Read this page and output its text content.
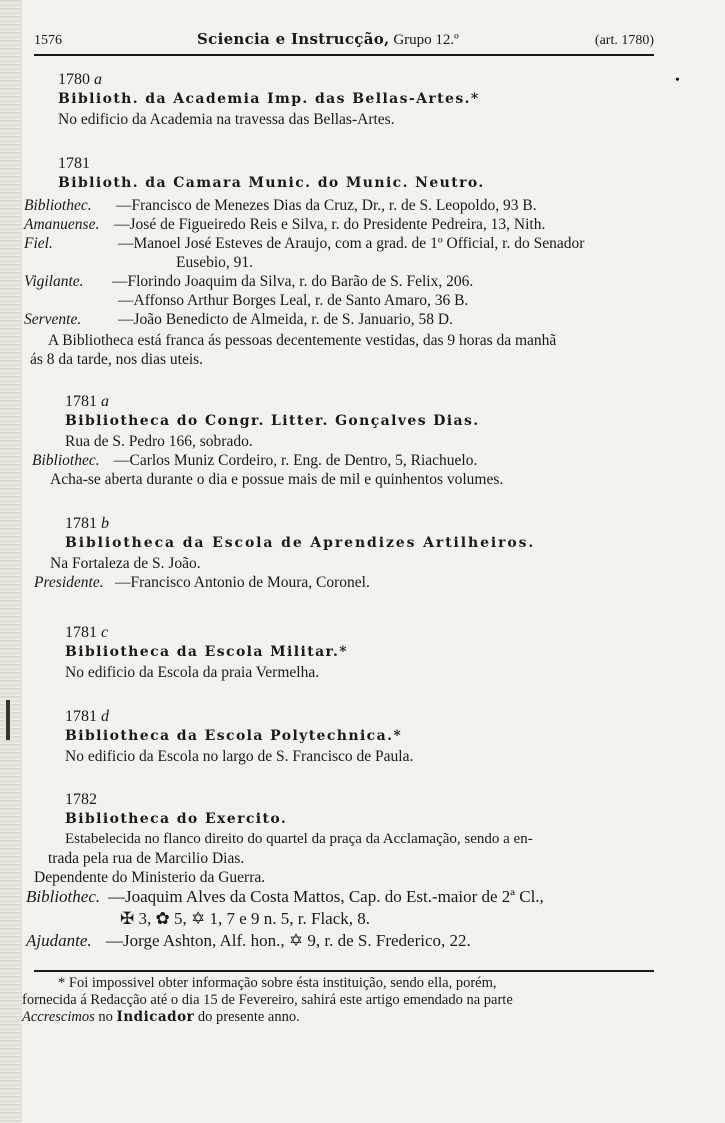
1576	Sciencia e Instrucção, Grupo 12.º	(art. 1780)
•
1780 a
Biblioth. da Academia Imp. das Bellas-Artes.*
No edificio da Academia na travessa das Bellas-Artes.
1781
Biblioth. da Camara Munic. do Munic. Neutro.
Bibliothec. —Francisco de Menezes Dias da Cruz, Dr., r. de S. Leopoldo, 93 B.
Amanuense. —José de Figueiredo Reis e Silva, r. do Presidente Pedreira, 13, Nith.
Fiel.	—Manoel José Esteves de Araujo, com a grad. de 1º Official, r. do Senador
Eusebio, 91.
Vigilante. —Florindo Joaquim da Silva, r. do Barão de S. Felix, 206.
—Affonso Arthur Borges Leal, r. de Santo Amaro, 36 B.
Servente. —João Benedicto de Almeida, r. de S. Januario, 58 D.
A Bibliotheca está franca ás pessoas decentemente vestidas, das 9 horas da manhã
ás 8 da tarde, nos dias uteis.
1781 a
Bibliotheca do Congr. Litter. Gonçalves Dias.
Rua de S. Pedro 166, sobrado.
Bibliothec. —Carlos Muniz Cordeiro, r. Eng. de Dentro, 5, Riachuelo.
Acha-se aberta durante o dia e possue mais de mil e quinhentos volumes.
1781 b
Bibliotheca da Escola de Aprendizes Artilheiros.
Na Fortaleza de S. João.
Presidente. —Francisco Antonio de Moura, Coronel.
1781 c
Bibliotheca da Escola Militar.*
No edificio da Escola da praia Vermelha.
1781 d
Bibliotheca da Escola Polytechnica.*
No edificio da Escola no largo de S. Francisco de Paula.
1782
Bibliotheca do Exercito.
Estabelecida no flanco direito do quartel da praça da Acclamação, sendo a en-
trada pela rua de Marcilio Dias.
Dependente do Ministerio da Guerra.
Bibliothec. —Joaquim Alves da Costa Mattos, Cap. do Est.-maior de 2ª Cl.,
✠ 3, ✿ 5, ✡ 1, 7 e 9 n. 5, r. Flack, 8.
Ajudante. —Jorge Ashton, Alf. hon., ✡ 9, r. de S. Frederico, 22.
* Foi impossivel obter informação sobre ésta instituição, sendo ella, porém,
fornecida á Redacção até o dia 15 de Fevereiro, sahirá este artigo emendado na parte
Accrescimos no Indicador do presente anno.
